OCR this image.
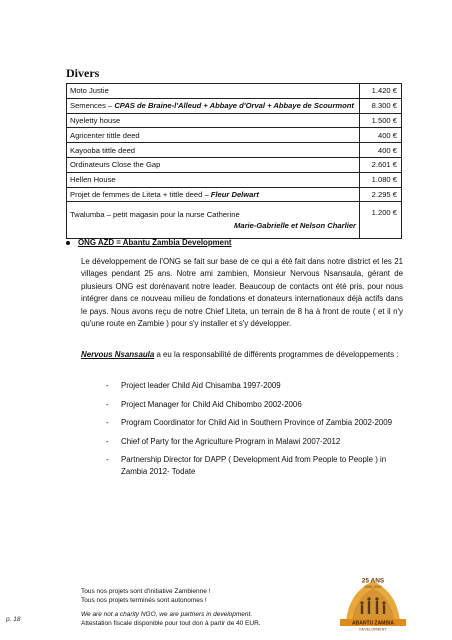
Divers
Moto Justie	1.420 €
Semences – CPAS de Braine-l'Alleud + Abbaye d'Orval + Abbaye de Scourmont	8.300 €
Nyeletty house	1.500 €
Agricenter tittle deed	400 €
Kayooba tittle deed	400 €
Ordinateurs Close the Gap	2.601 €
Hellen House	1.080 €
Projet de femmes de Liteta + tittle deed – Fleur Delwart	2.295 €
Twalumba – petit magasin pour la nurse Catherine
Marie-Gabrielle et Nelson Charlier	1.200 €
ONG AZD = Abantu Zambia Development

Le développement de l'ONG se fait sur base de ce qui a été fait dans notre district et les 21 villages pendant 25 ans. Notre ami zambien, Monsieur Nervous Nsansaula, gérant de plusieurs ONG est dorénavant notre leader. Beaucoup de contacts ont été pris, pour nous intégrer dans ce nouveau milieu de fondations et donateurs internationaux déjà actifs dans le pays. Nous avons reçu de notre Chief Liteta, un terrain de 8 ha à front de route ( et il n'y qu'une route en Zambie ) pour s'y installer et s'y développer.

Nervous Nsansaula a eu la responsabilité de différents programmes de développements :

- Project leader Child Aid Chisamba 1997-2009
- Project Manager for Child Aid Chibombo 2002-2006
- Program Coordinator for Child Aid in Southern Province of Zambia 2002-2009
- Chief of Party for the Agriculture Program in Malawi 2007-2012
- Partnership Director for DAPP ( Development Aid from People to People ) in Zambia 2012- Todate
Tous nos projets sont d'initiative Zambienne !
Tous nos projets terminés sont autonomes !
We are not a charity NGO, we are partners in development.
Attestation fiscale disponible pour tout don à partir de 40 EUR.
p. 18
25 ANS
1990-2015
ABANTU ZAMBIA
DEVELOPMENT
